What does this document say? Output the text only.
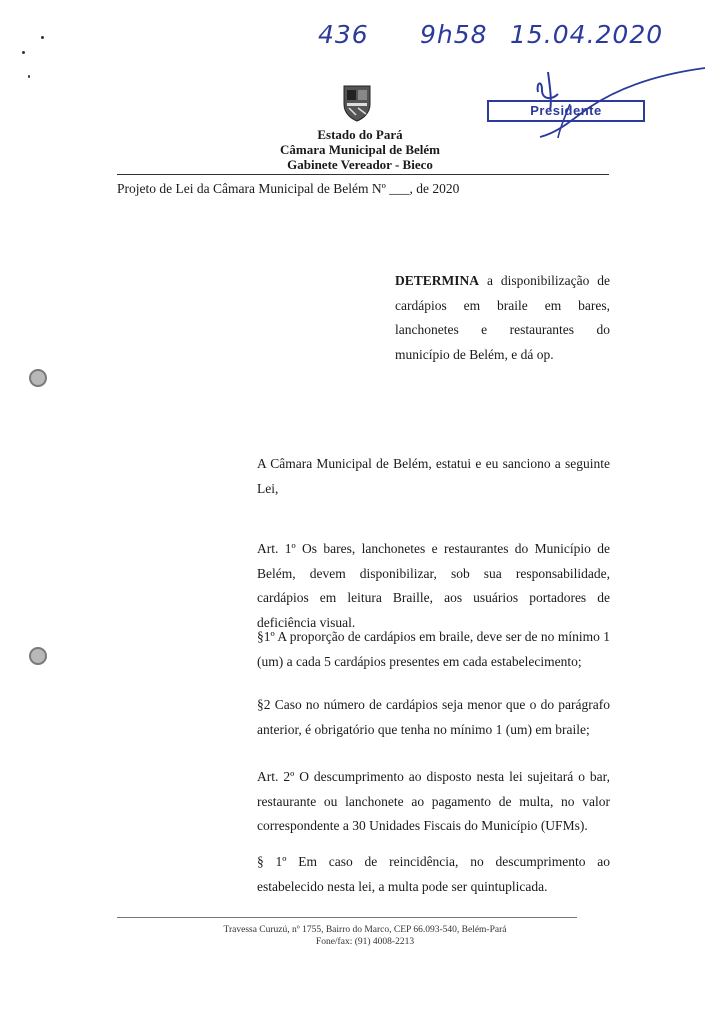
436 9h58 15.04.2020
Presidente
Estado do Pará
Câmara Municipal de Belém
Gabinete Vereador - Bieco
Projeto de Lei da Câmara Municipal de Belém Nº ___, de 2020
DETERMINA a disponibilização de cardápios em braile em bares, lanchonetes e restaurantes do município de Belém, e dá op.
A Câmara Municipal de Belém, estatui e eu sanciono a seguinte Lei,
Art. 1º Os bares, lanchonetes e restaurantes do Município de Belém, devem disponibilizar, sob sua responsabilidade, cardápios em leitura Braille, aos usuários portadores de deficiência visual.
§1º A proporção de cardápios em braile, deve ser de no mínimo 1 (um) a cada 5 cardápios presentes em cada estabelecimento;
§2 Caso no número de cardápios seja menor que o do parágrafo anterior, é obrigatório que tenha no mínimo 1 (um) em braile;
Art. 2º O descumprimento ao disposto nesta lei sujeitará o bar, restaurante ou lanchonete ao pagamento de multa, no valor correspondente a 30 Unidades Fiscais do Município (UFMs).
§ 1º Em caso de reincidência, no descumprimento ao estabelecido nesta lei, a multa pode ser quintuplicada.
Travessa Curuzú, nº 1755, Bairro do Marco, CEP 66.093-540, Belém-Pará
Fone/fax: (91) 4008-2213
